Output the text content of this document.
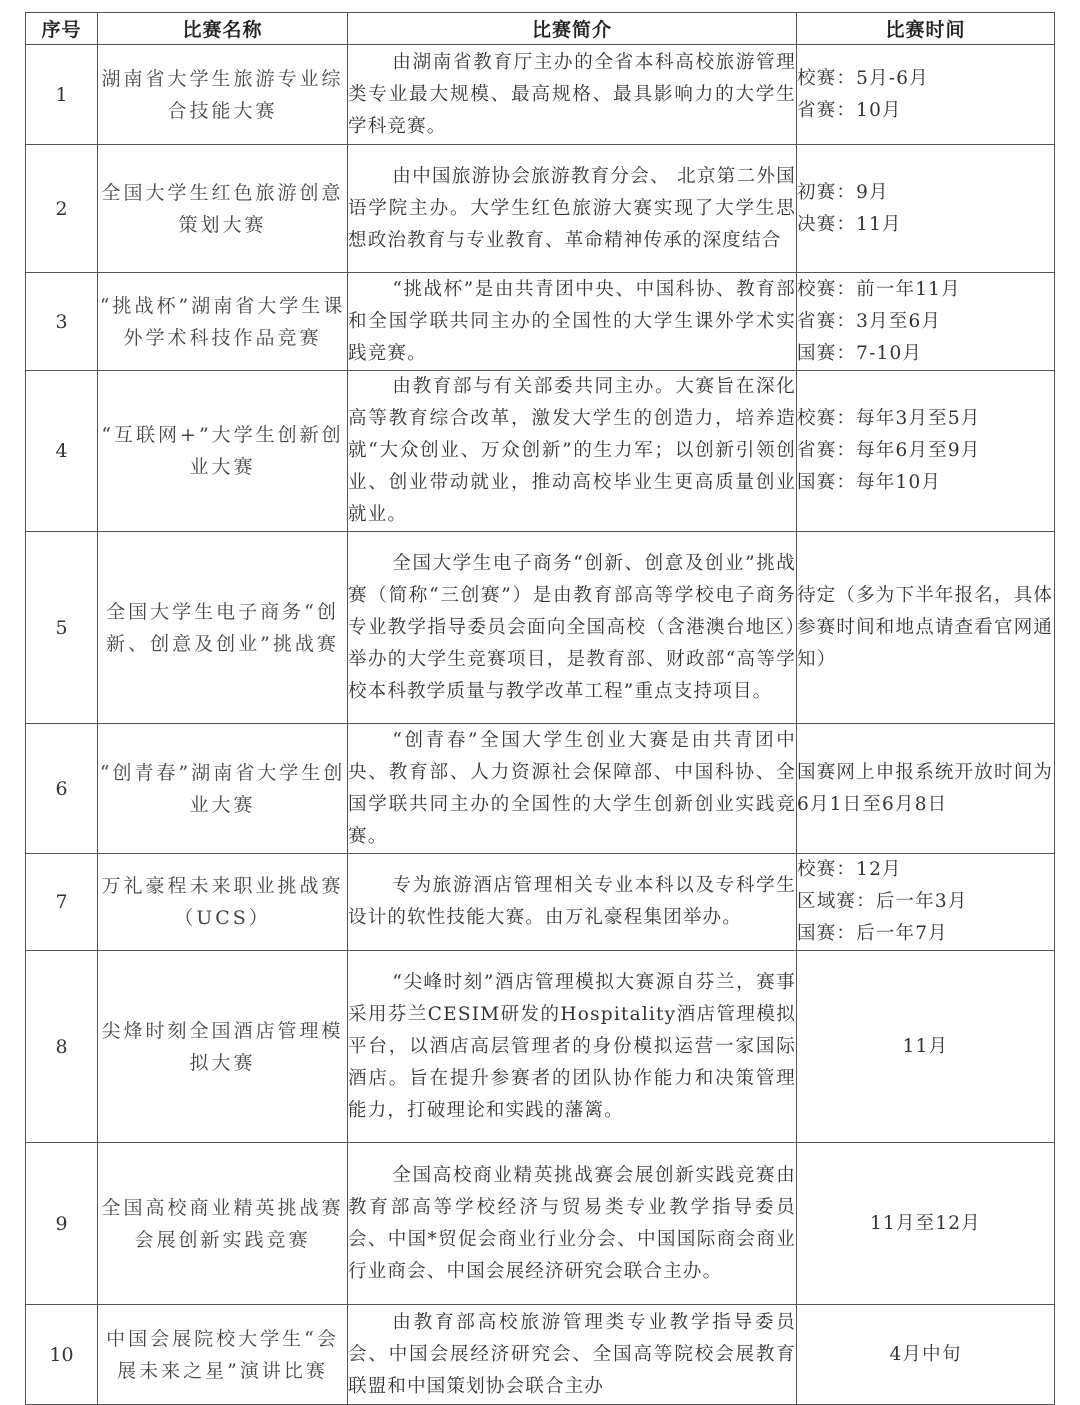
序号	比赛名称	比赛简介	比赛时间
1	湖南省大学生旅游专业综合技能大赛	由湖南省教育厅主办的全省本科高校旅游管理类专业最大规模、最高规格、最具影响力的大学生学科竞赛。	校赛：5月-6月
省赛：10月

2	全国大学生红色旅游创意策划大赛	由中国旅游协会旅游教育分会、 北京第二外国语学院主办。大学生红色旅游大赛实现了大学生思想政治教育与专业教育、革命精神传承的深度结合	初赛：9月
决赛：11月

3	“挑战杯”湖南省大学生课外学术科技作品竞赛	“挑战杯”是由共青团中央、中国科协、教育部和全国学联共同主办的全国性的大学生课外学术实践竞赛。	校赛：前一年11月
省赛：3月至6月
国赛：7-10月

4	“互联网+”大学生创新创业大赛	由教育部与有关部委共同主办。大赛旨在深化高等教育综合改革，激发大学生的创造力，培养造就“大众创业、万众创新”的生力军；以创新引领创业、创业带动就业，推动高校毕业生更高质量创业就业。	校赛：每年3月至5月
省赛：每年6月至9月
国赛：每年10月

5	全国大学生电子商务“创新、创意及创业”挑战赛	全国大学生电子商务“创新、创意及创业”挑战赛（简称“三创赛”）是由教育部高等学校电子商务专业教学指导委员会面向全国高校（含港澳台地区）举办的大学生竞赛项目，是教育部、财政部“高等学校本科教学质量与教学改革工程”重点支持项目。	待定（多为下半年报名，具体参赛时间和地点请查看官网通知）

6	“创青春”湖南省大学生创业大赛	“创青春”全国大学生创业大赛是由共青团中央、教育部、人力资源社会保障部、中国科协、全国学联共同主办的全国性的大学生创新创业实践竞赛。	国赛网上申报系统开放时间为6月1日至6月8日

7	万礼豪程未来职业挑战赛（UCS）	专为旅游酒店管理相关专业本科以及专科学生设计的软性技能大赛。由万礼豪程集团举办。	校赛：12月
区域赛：后一年3月
国赛：后一年7月

8	尖烽时刻全国酒店管理模拟大赛	“尖峰时刻”酒店管理模拟大赛源自芬兰，赛事采用芬兰CESIM研发的Hospitality酒店管理模拟平台，以酒店高层管理者的身份模拟运营一家国际酒店。旨在提升参赛者的团队协作能力和决策管理能力，打破理论和实践的藩篱。	11月

9	全国高校商业精英挑战赛会展创新实践竞赛	全国高校商业精英挑战赛会展创新实践竞赛由教育部高等学校经济与贸易类专业教学指导委员会、中国*贸促会商业行业分会、中国国际商会商业行业商会、中国会展经济研究会联合主办。	11月至12月

10	中国会展院校大学生“会展未来之星”演讲比赛	由教育部高校旅游管理类专业教学指导委员会、中国会展经济研究会、全国高等院校会展教育联盟和中国策划协会联合主办	4月中旬
